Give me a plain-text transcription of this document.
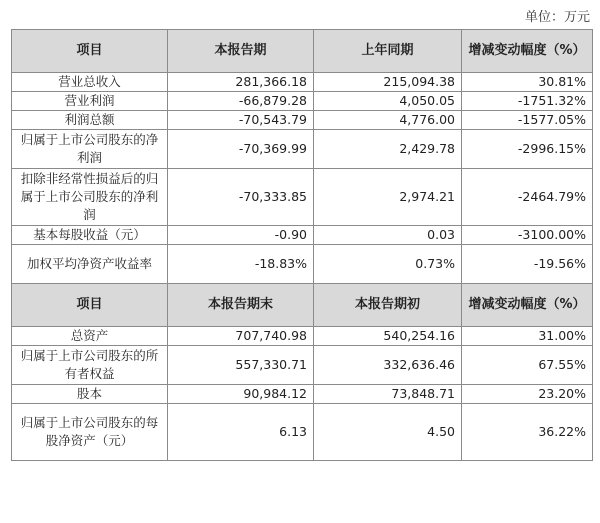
单位：万元
项目	本报告期	上年同期	增减变动幅度（%）
营业总收入	281,366.18	215,094.38	30.81%
营业利润	-66,879.28	4,050.05	-1751.32%
利润总额	-70,543.79	4,776.00	-1577.05%
归属于上市公司股东的净利润	-70,369.99	2,429.78	-2996.15%
扣除非经常性损益后的归属于上市公司股东的净利润	-70,333.85	2,974.21	-2464.79%
基本每股收益（元）	-0.90	0.03	-3100.00%
加权平均净资产收益率	-18.83%	0.73%	-19.56%
项目	本报告期末	本报告期初	增减变动幅度（%）
总资产	707,740.98	540,254.16	31.00%
归属于上市公司股东的所有者权益	557,330.71	332,636.46	67.55%
股本	90,984.12	73,848.71	23.20%
归属于上市公司股东的每股净资产（元）	6.13	4.50	36.22%
